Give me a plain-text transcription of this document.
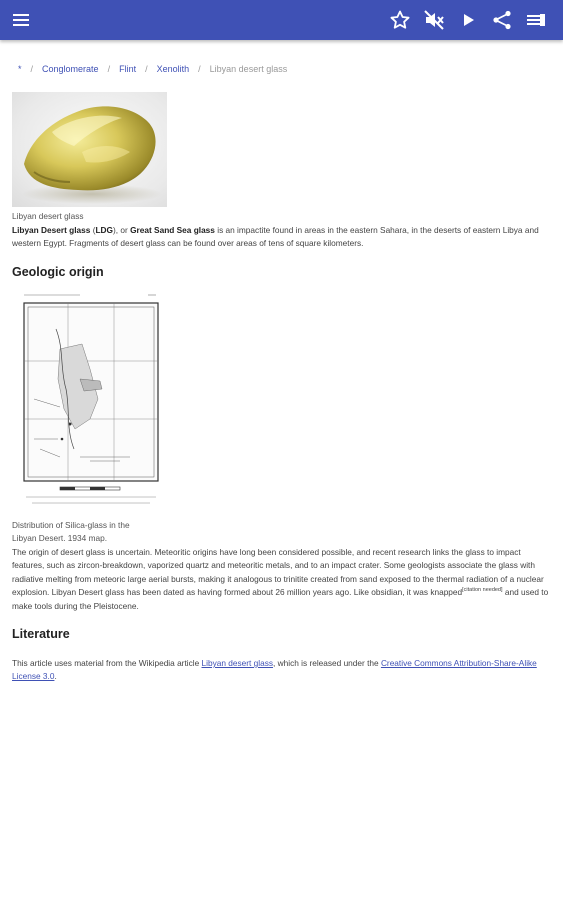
* / Conglomerate / Flint / Xenolith / Libyan desert glass
Libyan desert glass
Libyan Desert glass (LDG), or Great Sand Sea glass is an impactite found in areas in the eastern Sahara, in the deserts of eastern Libya and western Egypt. Fragments of desert glass can be found over areas of tens of square kilometers.
Geologic origin
Distribution of Silica-glass in the
Libyan Desert. 1934 map.
The origin of desert glass is uncertain. Meteoritic origins have long been considered possible, and recent research links the glass to impact features, such as zircon-breakdown, vaporized quartz and meteoritic metals, and to an impact crater. Some geologists associate the glass with radiative melting from meteoric large aerial bursts, making it analogous to trinitite created from sand exposed to the thermal radiation of a nuclear explosion. Libyan Desert glass has been dated as having formed about 26 million years ago. Like obsidian, it was knapped[citation needed] and used to make tools during the Pleistocene.
Literature
This article uses material from the Wikipedia article Libyan desert glass, which is released under the Creative Commons Attribution-Share-Alike License 3.0.
